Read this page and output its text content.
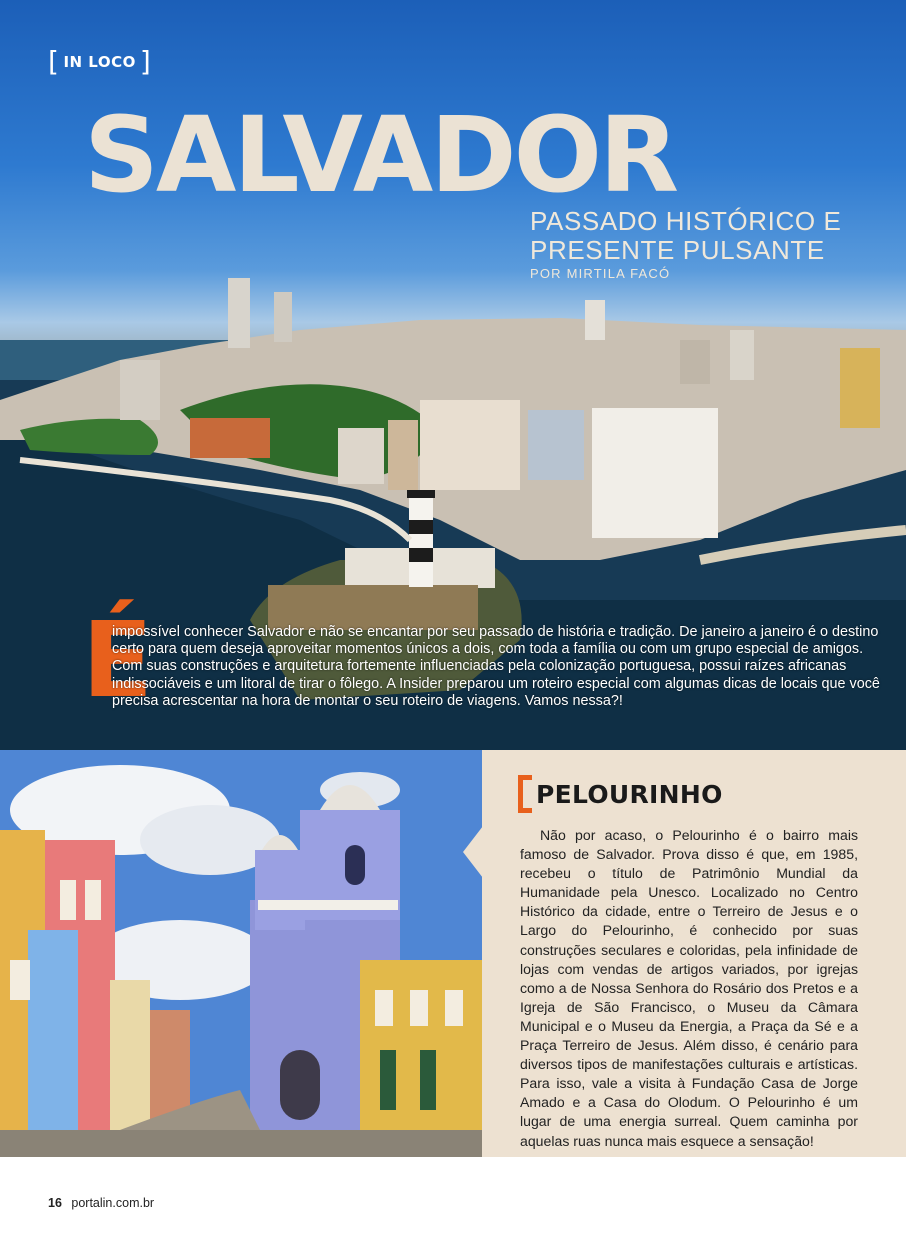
[ IN LOCO ]
SALVADOR
PASSADO HISTÓRICO E
PRESENTE PULSANTE
POR MIRTILA FACÓ
É

impossível conhecer Salvador e não se encantar por seu passado de história e tradição. De janeiro a janeiro é o destino certo para quem deseja aproveitar momentos únicos a dois, com toda a família ou com um grupo especial de amigos. Com suas construções e arquitetura fortemente influenciadas pela colonização portuguesa, possui raízes africanas indissociáveis e um litoral de tirar o fôlego. A Insider preparou um roteiro especial com algumas dicas de locais que você precisa acrescentar na hora de montar o seu roteiro de viagens. Vamos nessa?!

PELOURINHO

Não por acaso, o Pelourinho é o bairro mais famoso de Salvador. Prova disso é que, em 1985, recebeu o título de Patrimônio Mundial da Humanidade pela Unesco. Localizado no Centro Histórico da cidade, entre o Terreiro de Jesus e o Largo do Pelourinho, é conhecido por suas construções seculares e coloridas, pela infinidade de lojas com vendas de artigos variados, por igrejas como a de Nossa Senhora do Rosário dos Pretos e a Igreja de São Francisco, o Museu da Câmara Municipal e o Museu da Energia, a Praça da Sé e a Praça Terreiro de Jesus. Além disso, é cenário para diversos tipos de manifestações culturais e artísticas. Para isso, vale a visita à Fundação Casa de Jorge Amado e a Casa do Olodum. O Pelourinho é um lugar de uma energia surreal. Quem caminha por aquelas ruas nunca mais esquece a sensação!

16 portalin.com.br
